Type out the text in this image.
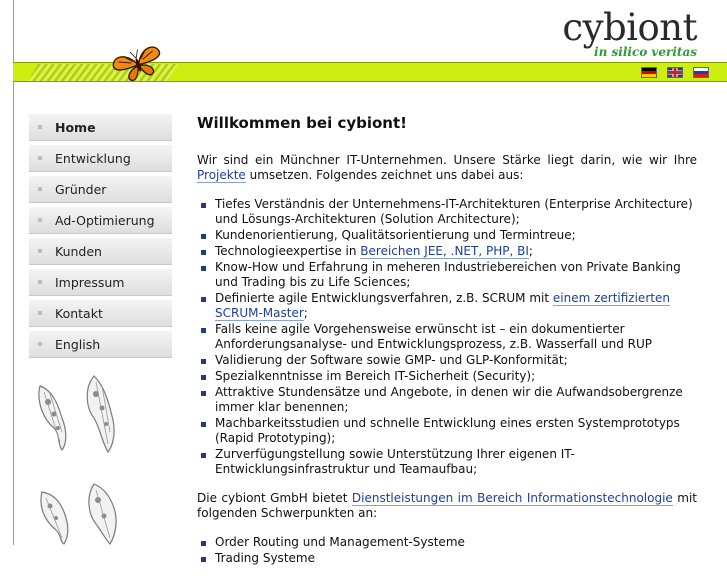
cybiont
in silico veritas
Home
Entwicklung
Gründer
Ad-Optimierung
Kunden
Impressum
Kontakt
English
Willkommen bei cybiont!

Wir sind ein Münchner IT-Unternehmen. Unsere Stärke liegt darin, wie wir Ihre Projekte umsetzen. Folgendes zeichnet uns dabei aus:

Tiefes Verständnis der Unternehmens-IT-Architekturen (Enterprise Architecture) und Lösungs-Architekturen (Solution Architecture);
Kundenorientierung, Qualitätsorientierung und Termintreue;
Technologieexpertise in Bereichen JEE, .NET, PHP, BI;
Know-How und Erfahrung in meheren Industriebereichen von Private Banking und Trading bis zu Life Sciences;
Definierte agile Entwicklungsverfahren, z.B. SCRUM mit einem zertifizierten SCRUM-Master;
Falls keine agile Vorgehensweise erwünscht ist – ein dokumentierter Anforderungsanalyse- und Entwicklungsprozess, z.B. Wasserfall und RUP
Validierung der Software sowie GMP- und GLP-Konformität;
Spezialkenntnisse im Bereich IT-Sicherheit (Security);
Attraktive Stundensätze und Angebote, in denen wir die Aufwandsobergrenze immer klar benennen;
Machbarkeitsstudien und schnelle Entwicklung eines ersten Systemprototyps (Rapid Prototyping);
Zurverfügungstellung sowie Unterstützung Ihrer eigenen IT-Entwicklungsinfrastruktur und Teamaufbau;

Die cybiont GmbH bietet Dienstleistungen im Bereich Informationstechnologie mit folgenden Schwerpunkten an:

Order Routing und Management-Systeme
Trading Systeme
